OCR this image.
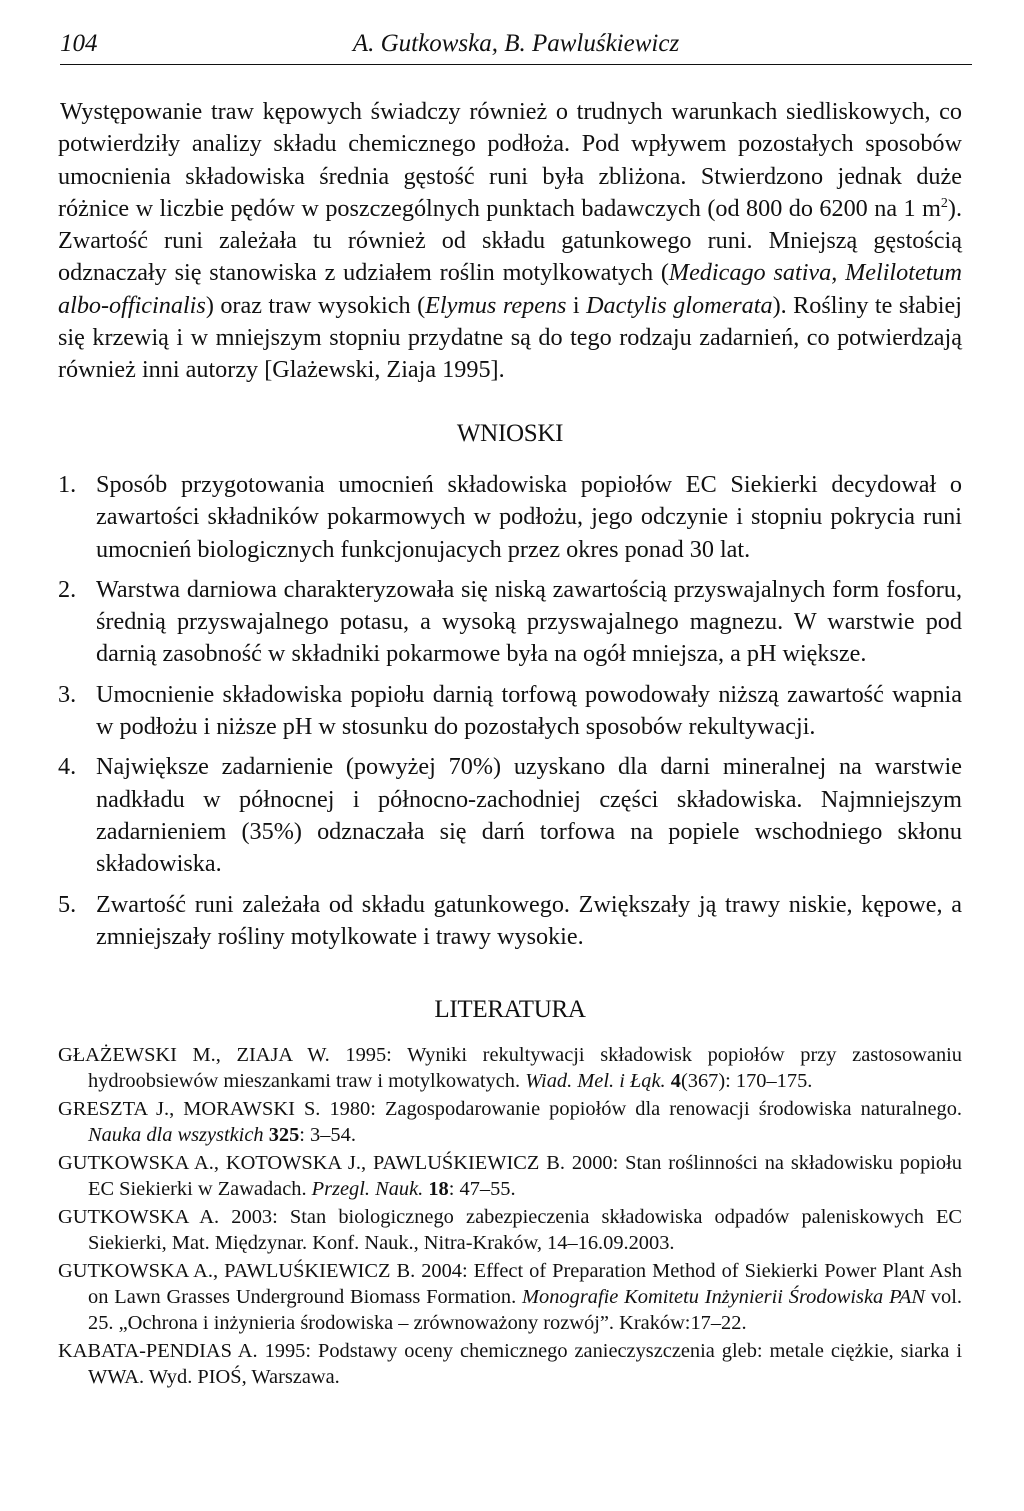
104	A. Gutkowska, B. Pawluśkiewicz

Występowanie traw kępowych świadczy również o trudnych warunkach siedliskowych, co potwierdziły analizy składu chemicznego podłoża. Pod wpływem pozostałych sposobów umocnienia składowiska średnia gęstość runi była zbliżona. Stwierdzono jednak duże różnice w liczbie pędów w poszczególnych punktach badawczych (od 800 do 6200 na 1 $m^2$). Zwartość runi zależała tu również od składu gatunkowego runi. Mniejszą gęstością odznaczały się stanowiska z udziałem roślin motylkowatych (Medicago sativa, Melilotetum albo-officinalis) oraz traw wysokich (Elymus repens i Dactylis glomerata). Rośliny te słabiej się krzewią i w mniejszym stopniu przydatne są do tego rodzaju zadarnień, co potwierdzają również inni autorzy [Glażewski, Ziaja 1995].

WNIOSKI
1. Sposób przygotowania umocnień składowiska popiołów EC Siekierki decydował o zawartości składników pokarmowych w podłożu, jego odczynie i stopniu pokrycia runi umocnień biologicznych funkcjonujacych przez okres ponad 30 lat.
2. Warstwa darniowa charakteryzowała się niską zawartością przyswajalnych form fosforu, średnią przyswajalnego potasu, a wysoką przyswajalnego magnezu. W warstwie pod darnią zasobność w składniki pokarmowe była na ogół mniejsza, a pH większe.
3. Umocnienie składowiska popiołu darnią torfową powodowały niższą zawartość wapnia w podłożu i niższe pH w stosunku do pozostałych sposobów rekultywacji.
4. Największe zadarnienie (powyżej 70%) uzyskano dla darni mineralnej na warstwie nadkładu w północnej i północno-zachodniej części składowiska. Najmniejszym zadarnieniem (35%) odznaczała się darń torfowa na popiele wschodniego skłonu składowiska.
5. Zwartość runi zależała od składu gatunkowego. Zwiększały ją trawy niskie, kępowe, a zmniejszały rośliny motylkowate i trawy wysokie.
LITERATURA
GŁAŻEWSKI M., ZIAJA W. 1995: Wyniki rekultywacji składowisk popiołów przy zastosowaniu hydroobsiewów mieszankami traw i motylkowatych. Wiad. Mel. i Łąk. 4(367): 170–175.
GRESZTA J., MORAWSKI S. 1980: Zagospodarowanie popiołów dla renowacji środowiska naturalnego. Nauka dla wszystkich 325: 3–54.
GUTKOWSKA A., KOTOWSKA J., PAWLUŚKIEWICZ B. 2000: Stan roślinności na składowisku popiołu EC Siekierki w Zawadach. Przegl. Nauk. 18: 47–55.
GUTKOWSKA A. 2003: Stan biologicznego zabezpieczenia składowiska odpadów paleniskowych EC Siekierki, Mat. Międzynar. Konf. Nauk., Nitra-Kraków, 14–16.09.2003.
GUTKOWSKA A., PAWLUŚKIEWICZ B. 2004: Effect of Preparation Method of Siekierki Power Plant Ash on Lawn Grasses Underground Biomass Formation. Monografie Komitetu Inżynierii Środowiska PAN vol. 25. „Ochrona i inżynieria środowiska – zrównoważony rozwój”. Kraków:17–22.
KABATA-PENDIAS A. 1995: Podstawy oceny chemicznego zanieczyszczenia gleb: metale ciężkie, siarka i WWA. Wyd. PIOŚ, Warszawa.
